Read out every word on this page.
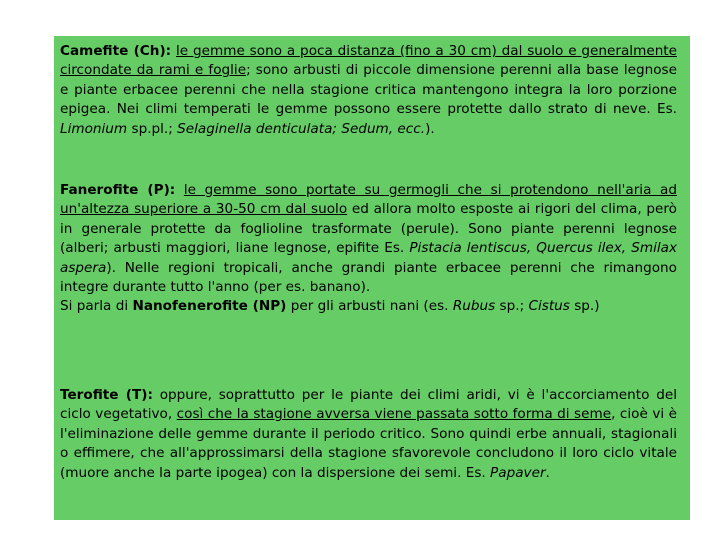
Camefite (Ch): le gemme sono a poca distanza (fino a 30 cm) dal suolo e generalmente circondate da rami e foglie; sono arbusti di piccole dimensione perenni alla base legnose e piante erbacee perenni che nella stagione critica mantengono integra la loro porzione epigea. Nei climi temperati le gemme possono essere protette dallo strato di neve. Es. Limonium sp.pl.; Selaginella denticulata; Sedum, ecc.).

Fanerofite (P): le gemme sono portate su germogli che si protendono nell'aria ad un'altezza superiore a 30-50 cm dal suolo ed allora molto esposte ai rigori del clima, però in generale protette da foglioline trasformate (perule). Sono piante perenni legnose (alberi; arbusti maggiori, liane legnose, epifite Es. Pistacia lentiscus, Quercus ilex, Smilax aspera). Nelle regioni tropicali, anche grandi piante erbacee perenni che rimangono integre durante tutto l'anno (per es. banano).

Si parla di Nanofenerofite (NP) per gli arbusti nani (es. Rubus sp.; Cistus sp.)

Terofite (T): oppure, soprattutto per le piante dei climi aridi, vi è l'accorciamento del ciclo vegetativo, così che la stagione avversa viene passata sotto forma di seme, cioè vi è l'eliminazione delle gemme durante il periodo critico. Sono quindi erbe annuali, stagionali o effimere, che all'approssimarsi della stagione sfavorevole concludono il loro ciclo vitale (muore anche la parte ipogea) con la dispersione dei semi. Es. Papaver.
